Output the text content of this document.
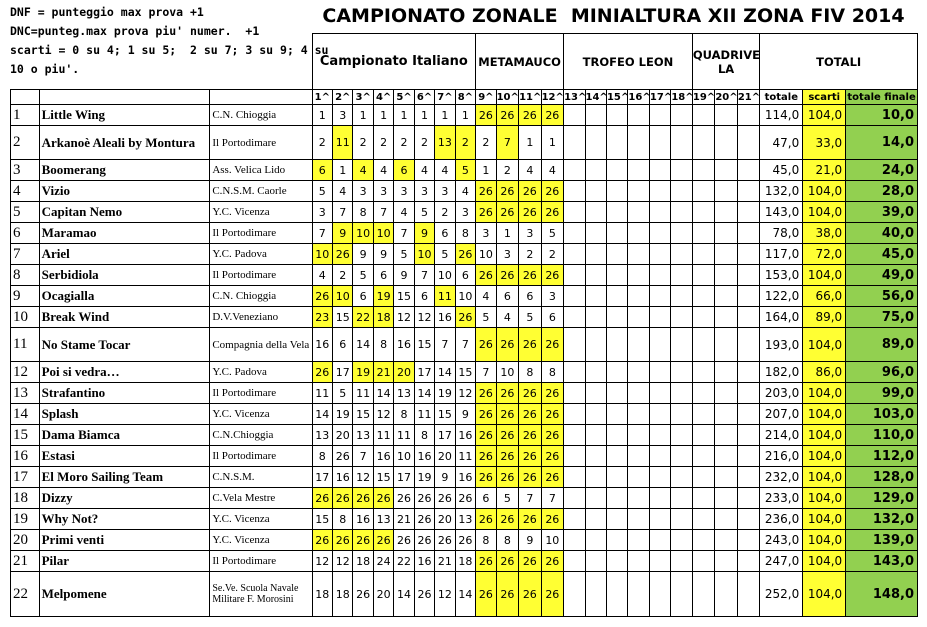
DNF = punteggio max prova +1
DNC=punteg.max prova piu' numer.  +1
scarti = 0 su 4; 1 su 5;  2 su 7; 3 su 9; 4 su
10 o piu'.
CAMPIONATO ZONALE  MINIALTURA XII ZONA FIV 2014
			Campionato Italiano								METAMAUCO				TROFEO LEON						QUADRIVE LA			TOTALI		
			1^	2^	3^	4^	5^	6^	7^	8^	9^	10^	11^	12^	13^	14^	15^	16^	17^	18^	19^	20^	21^	totale	scarti	totale finale
1	Little Wing	C.N. Chioggia	1	3	1	1	1	1	1	1	26	26	26	26										114,0	104,0	10,0
2	Arkanoè Aleali by Montura	Il Portodimare	2	11	2	2	2	2	13	2	2	7	1	1										47,0	33,0	14,0
3	Boomerang	Ass. Velica Lido	6	1	4	4	6	4	4	5	1	2	4	4										45,0	21,0	24,0
4	Vizio	C.N.S.M. Caorle	5	4	3	3	3	3	3	4	26	26	26	26										132,0	104,0	28,0
5	Capitan Nemo	Y.C. Vicenza	3	7	8	7	4	5	2	3	26	26	26	26										143,0	104,0	39,0
6	Maramao	Il Portodimare	7	9	10	10	7	9	6	8	3	1	3	5										78,0	38,0	40,0
7	Ariel	Y.C. Padova	10	26	9	9	5	10	5	26	10	3	2	2										117,0	72,0	45,0
8	Serbidiola	Il Portodimare	4	2	5	6	9	7	10	6	26	26	26	26										153,0	104,0	49,0
9	Ocagialla	C.N. Chioggia	26	10	6	19	15	6	11	10	4	6	6	3										122,0	66,0	56,0
10	Break Wind	D.V.Veneziano	23	15	22	18	12	12	16	26	5	4	5	6										164,0	89,0	75,0
11	No Stame Tocar	Compagnia della Vela	16	6	14	8	16	15	7	7	26	26	26	26										193,0	104,0	89,0
12	Poi si vedra…	Y.C. Padova	26	17	19	21	20	17	14	15	7	10	8	8										182,0	86,0	96,0
13	Strafantino	Il Portodimare	11	5	11	14	13	14	19	12	26	26	26	26										203,0	104,0	99,0
14	Splash	Y.C. Vicenza	14	19	15	12	8	11	15	9	26	26	26	26										207,0	104,0	103,0
15	Dama Biamca	C.N.Chioggia	13	20	13	11	11	8	17	16	26	26	26	26										214,0	104,0	110,0
16	Estasi	Il Portodimare	8	26	7	16	10	16	20	11	26	26	26	26										216,0	104,0	112,0
17	El Moro Sailing Team	C.N.S.M.	17	16	12	15	17	19	9	16	26	26	26	26										232,0	104,0	128,0
18	Dizzy	C.Vela Mestre	26	26	26	26	26	26	26	26	6	5	7	7										233,0	104,0	129,0
19	Why Not?	Y.C. Vicenza	15	8	16	13	21	26	20	13	26	26	26	26										236,0	104,0	132,0
20	Primi venti	Y.C. Vicenza	26	26	26	26	26	26	26	26	8	8	9	10										243,0	104,0	139,0
21	Pilar	Il Portodimare	12	12	18	24	22	16	21	18	26	26	26	26										247,0	104,0	143,0
22	Melpomene	Se.Ve. Scuola Navale Militare F. Morosini	18	18	26	20	14	26	12	14	26	26	26	26										252,0	104,0	148,0
